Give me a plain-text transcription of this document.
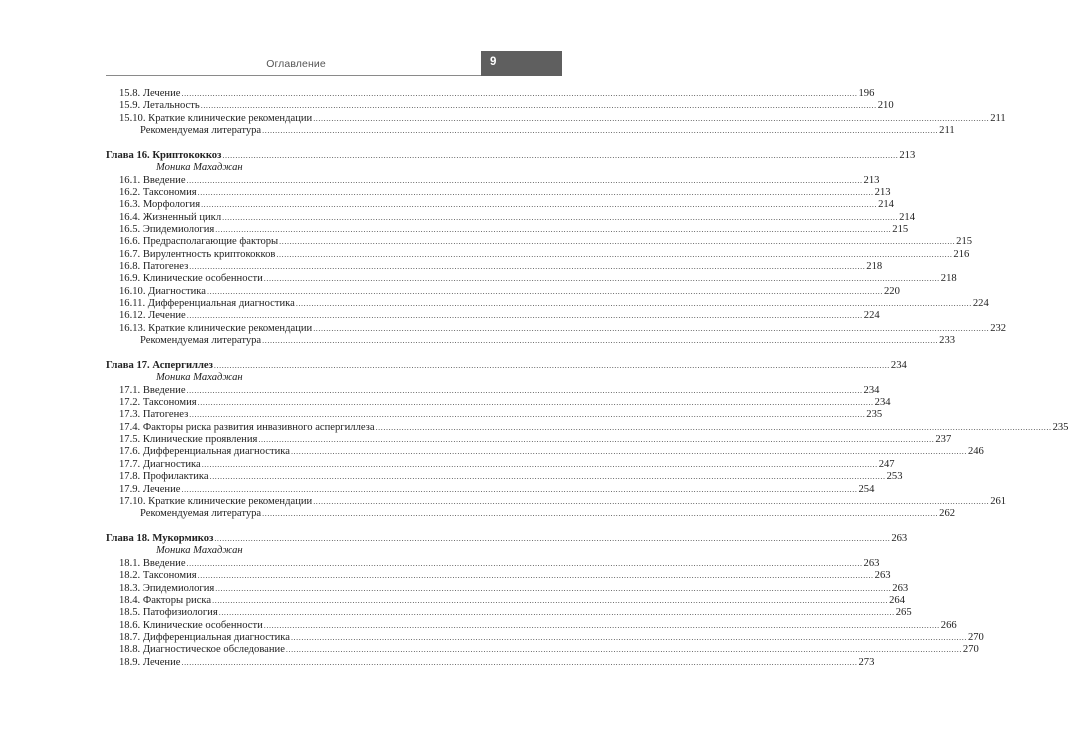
Оглавление	9
15.8. Лечение .................................................................................................................................................................................................................................................................... 196
15.9. Летальность .................................................................................................................................................................................................................................................................... 210
15.10. Краткие клинические рекомендации .................................................................................................................................................................................................................................................................... 211
Рекомендуемая литература .................................................................................................................................................................................................................................................................... 211
Глава 16. Криптококкоз .................................................................................................................................................................................................................................................................... 213
Моника Махаджан
16.1. Введение .................................................................................................................................................................................................................................................................... 213
16.2. Таксономия .................................................................................................................................................................................................................................................................... 213
16.3. Морфология .................................................................................................................................................................................................................................................................... 214
16.4. Жизненный цикл .................................................................................................................................................................................................................................................................... 214
16.5. Эпидемиология .................................................................................................................................................................................................................................................................... 215
16.6. Предрасполагающие факторы .................................................................................................................................................................................................................................................................... 215
16.7. Вирулентность криптококков .................................................................................................................................................................................................................................................................... 216
16.8. Патогенез .................................................................................................................................................................................................................................................................... 218
16.9. Клинические особенности .................................................................................................................................................................................................................................................................... 218
16.10. Диагностика .................................................................................................................................................................................................................................................................... 220
16.11. Дифференциальная диагностика .................................................................................................................................................................................................................................................................... 224
16.12. Лечение .................................................................................................................................................................................................................................................................... 224
16.13. Краткие клинические рекомендации .................................................................................................................................................................................................................................................................... 232
Рекомендуемая литература .................................................................................................................................................................................................................................................................... 233
Глава 17. Аспергиллез .................................................................................................................................................................................................................................................................... 234
Моника Махаджан
17.1. Введение .................................................................................................................................................................................................................................................................... 234
17.2. Таксономия .................................................................................................................................................................................................................................................................... 234
17.3. Патогенез .................................................................................................................................................................................................................................................................... 235
17.4. Факторы риска развития инвазивного аспергиллеза .................................................................................................................................................................................................................................................................... 235
17.5. Клинические проявления .................................................................................................................................................................................................................................................................... 237
17.6. Дифференциальная диагностика .................................................................................................................................................................................................................................................................... 246
17.7. Диагностика .................................................................................................................................................................................................................................................................... 247
17.8. Профилактика .................................................................................................................................................................................................................................................................... 253
17.9. Лечение .................................................................................................................................................................................................................................................................... 254
17.10. Краткие клинические рекомендации .................................................................................................................................................................................................................................................................... 261
Рекомендуемая литература .................................................................................................................................................................................................................................................................... 262
Глава 18. Мукормикоз .................................................................................................................................................................................................................................................................... 263
Моника Махаджан
18.1. Введение .................................................................................................................................................................................................................................................................... 263
18.2. Таксономия .................................................................................................................................................................................................................................................................... 263
18.3. Эпидемиология .................................................................................................................................................................................................................................................................... 263
18.4. Факторы риска .................................................................................................................................................................................................................................................................... 264
18.5. Патофизиология .................................................................................................................................................................................................................................................................... 265
18.6. Клинические особенности .................................................................................................................................................................................................................................................................... 266
18.7. Дифференциальная диагностика .................................................................................................................................................................................................................................................................... 270
18.8. Диагностическое обследование .................................................................................................................................................................................................................................................................... 270
18.9. Лечение .................................................................................................................................................................................................................................................................... 273
